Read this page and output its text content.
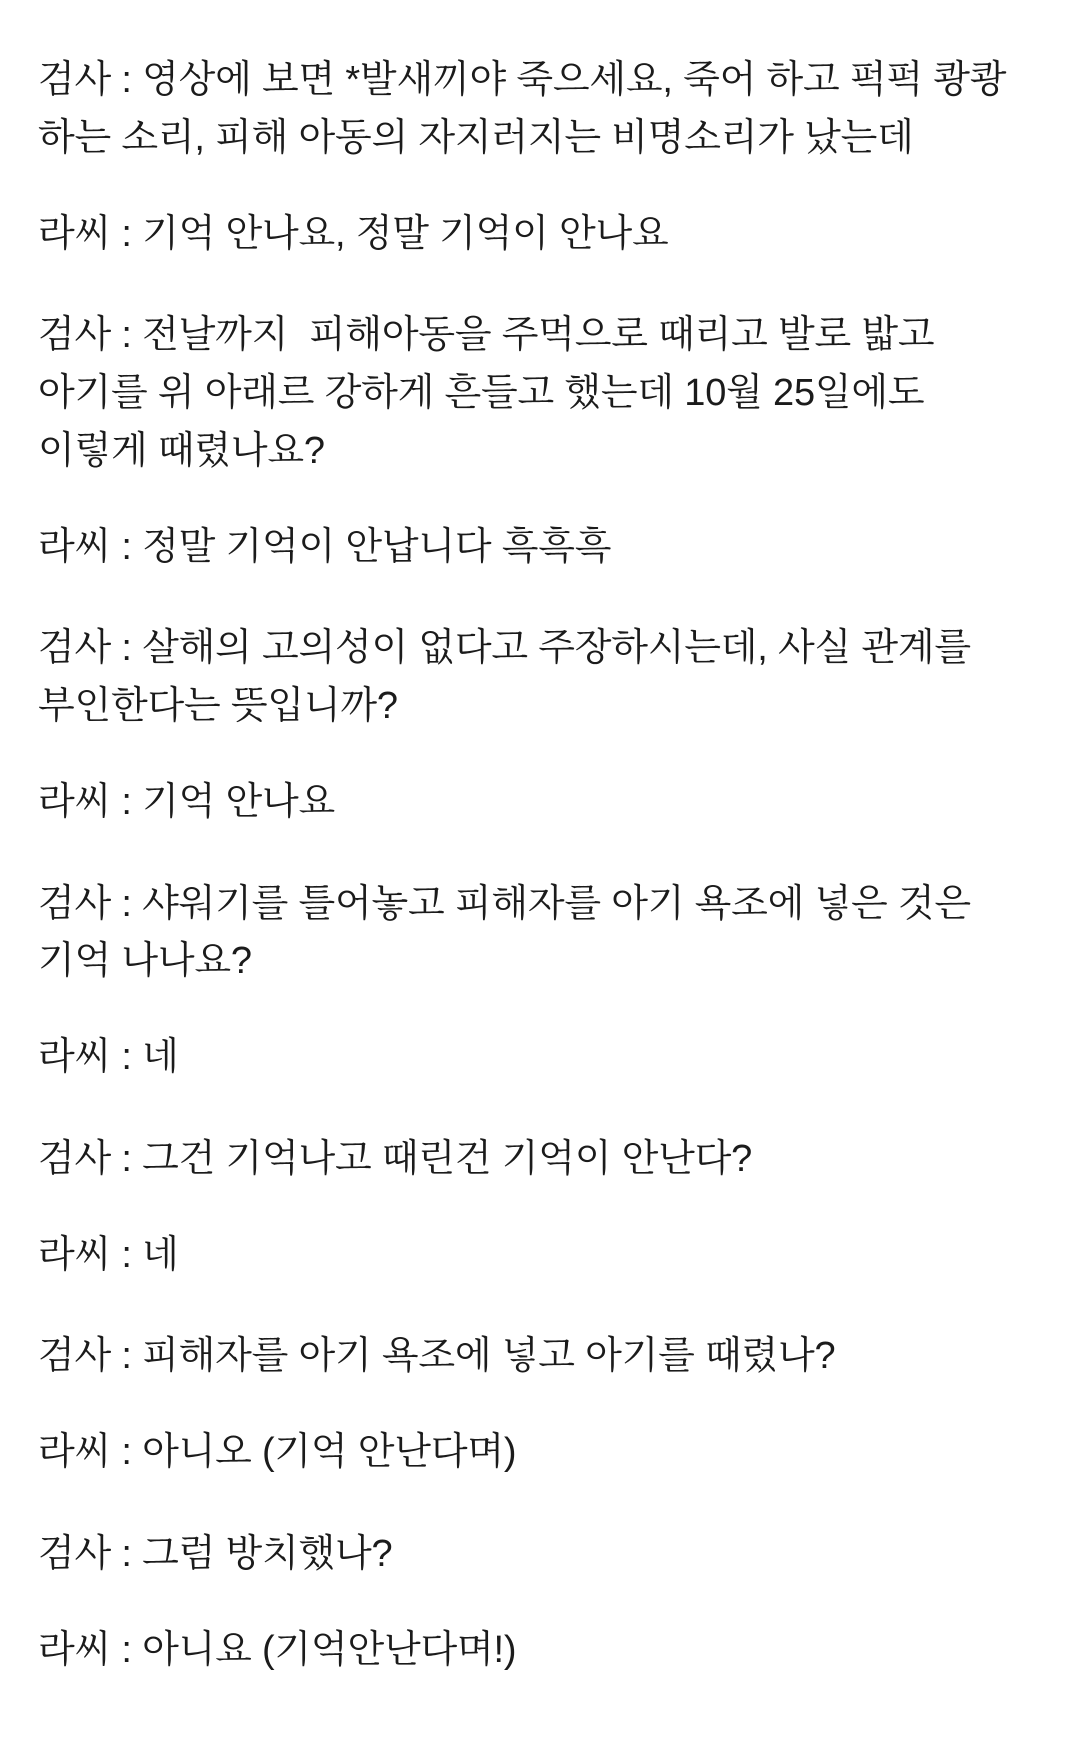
검사 : 영상에 보면 *발새끼야 죽으세요, 죽어 하고 퍽퍽 쾅쾅 하는 소리, 피해 아동의 자지러지는 비명소리가 났는데

라씨 : 기억 안나요, 정말 기억이 안나요

검사 : 전날까지  피해아동을 주먹으로 때리고 발로 밟고 아기를 위 아래르 강하게 흔들고 했는데 10월 25일에도 이렇게 때렸나요?

라씨 : 정말 기억이 안납니다 흑흑흑

검사 : 살해의 고의성이 없다고 주장하시는데, 사실 관계를 부인한다는 뜻입니까?

라씨 : 기억 안나요

검사 : 샤워기를 틀어놓고 피해자를 아기 욕조에 넣은 것은 기억 나나요?

라씨 : 네

검사 : 그건 기억나고 때린건 기억이 안난다?

라씨 : 네

검사 : 피해자를 아기 욕조에 넣고 아기를 때렸나?

라씨 : 아니오 (기억 안난다며)

검사 : 그럼 방치했나?

라씨 : 아니요 (기억안난다며!)
